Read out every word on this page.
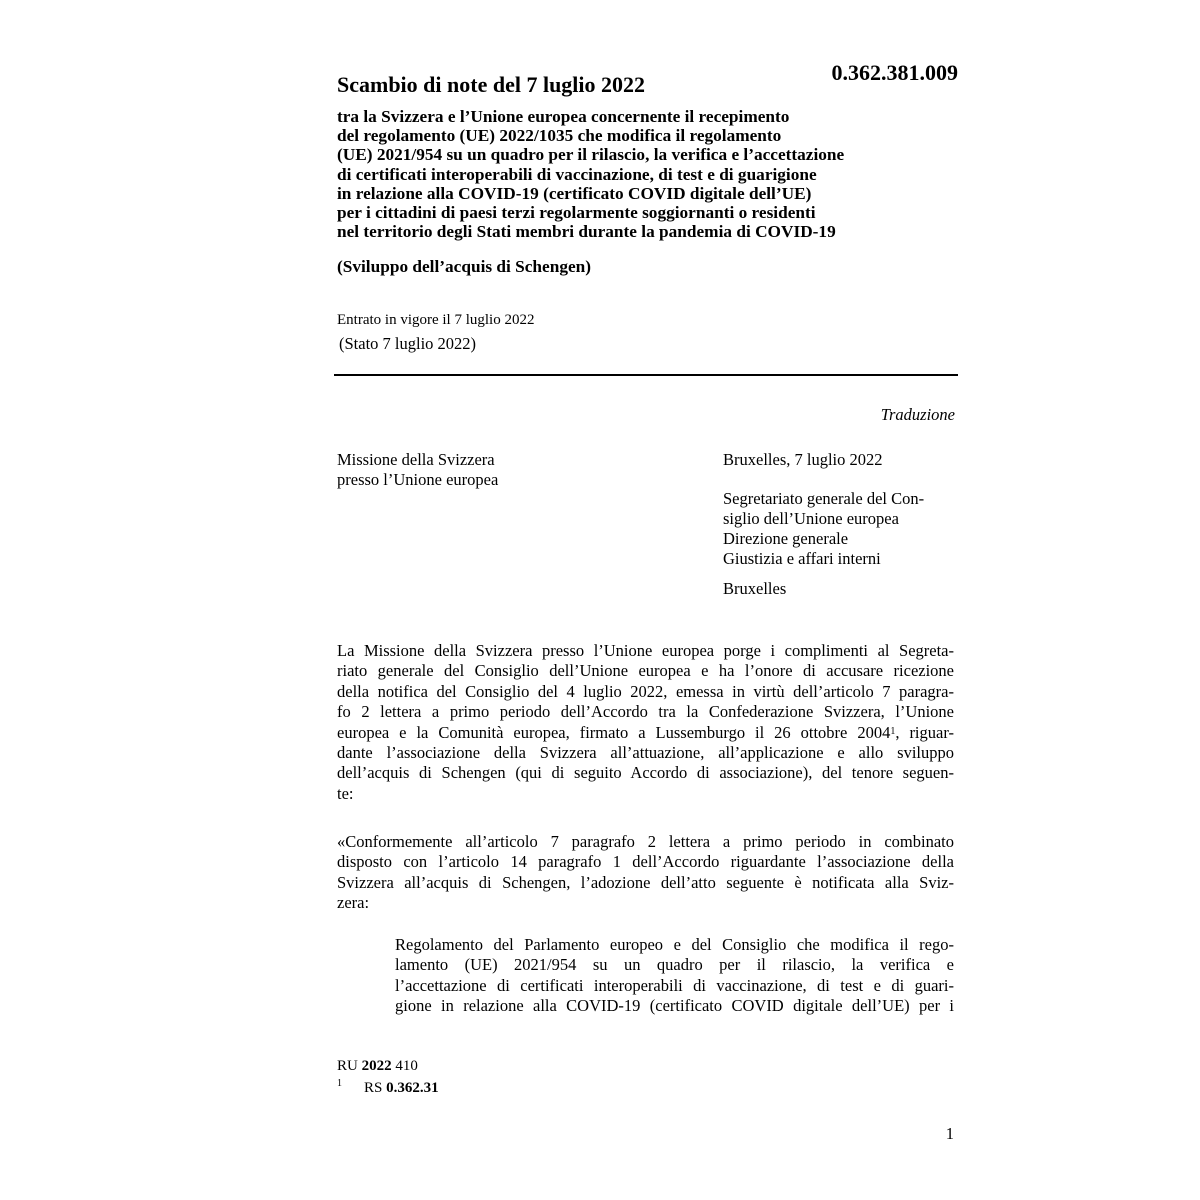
0.362.381.009
Scambio di note del 7 luglio 2022
tra la Svizzera e l’Unione europea concernente il recepimento
del regolamento (UE) 2022/1035 che modifica il regolamento
(UE) 2021/954 su un quadro per il rilascio, la verifica e l’accettazione
di certificati interoperabili di vaccinazione, di test e di guarigione
in relazione alla COVID-19 (certificato COVID digitale dell’UE)
per i cittadini di paesi terzi regolarmente soggiornanti o residenti
nel territorio degli Stati membri durante la pandemia di COVID-19
(Sviluppo dell’acquis di Schengen)
Entrato in vigore il 7 luglio 2022
(Stato 7 luglio 2022)
Traduzione
Missione della Svizzera
presso l’Unione europea
Bruxelles, 7 luglio 2022
Segretariato generale del Con-
siglio dell’Unione europea
Direzione generale
Giustizia e affari interni
Bruxelles
La Missione della Svizzera presso l’Unione europea porge i complimenti al Segreta-
riato generale del Consiglio dell’Unione europea e ha l’onore di accusare ricezione
della notifica del Consiglio del 4 luglio 2022, emessa in virtù dell’articolo 7 paragra-
fo 2 lettera a primo periodo dell’Accordo tra la Confederazione Svizzera, l’Unione
europea e la Comunità europea, firmato a Lussemburgo il 26 ottobre 2004$^1$, riguar-
dante l’associazione della Svizzera all’attuazione, all’applicazione e allo sviluppo
dell’acquis di Schengen (qui di seguito Accordo di associazione), del tenore seguen-
te:
«Conformemente all’articolo 7 paragrafo 2 lettera a primo periodo in combinato
disposto con l’articolo 14 paragrafo 1 dell’Accordo riguardante l’associazione della
Svizzera all’acquis di Schengen, l’adozione dell’atto seguente è notificata alla Sviz-
zera:
Regolamento del Parlamento europeo e del Consiglio che modifica il rego-
lamento (UE) 2021/954 su un quadro per il rilascio, la verifica e
l’accettazione di certificati interoperabili di vaccinazione, di test e di guari-
gione in relazione alla COVID-19 (certificato COVID digitale dell’UE) per i
RU 2022 410
$^1$ RS 0.362.31
1
